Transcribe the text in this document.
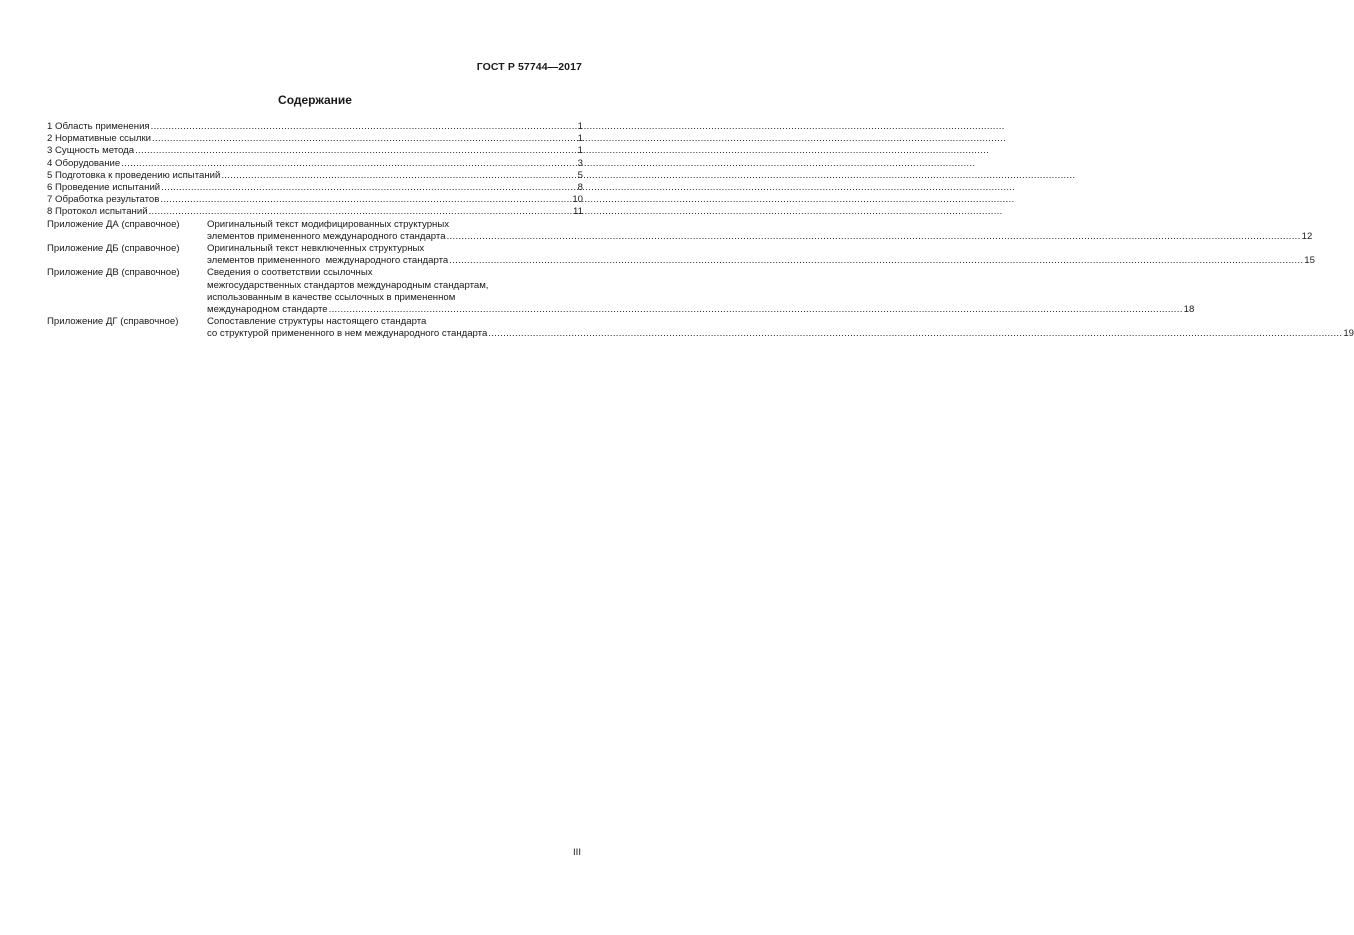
ГОСТ Р 57744—2017
Содержание
1 Область применения .....	1
2 Нормативные ссылки .....	1
3 Сущность метода .....	1
4 Оборудование .....	3
5 Подготовка к проведению испытаний .....	5
6 Проведение испытаний .....	8
7 Обработка результатов .....	10
8 Протокол испытаний .....	11
Приложение ДА (справочное)	Оригинальный текст модифицированных структурных
элементов примененного международного стандарта .....	12
Приложение ДБ (справочное)	Оригинальный текст невключенных структурных
элементов примененного  международного стандарта .....	15
Приложение ДВ (справочное)	Сведения о соответствии ссылочных
межгосударственных стандартов международным стандартам,
использованным в качестве ссылочных в примененном
международном стандарте .....	18
Приложение ДГ (справочное)	Сопоставление структуры настоящего стандарта
со структурой примененного в нем международного стандарта .....	19
III
